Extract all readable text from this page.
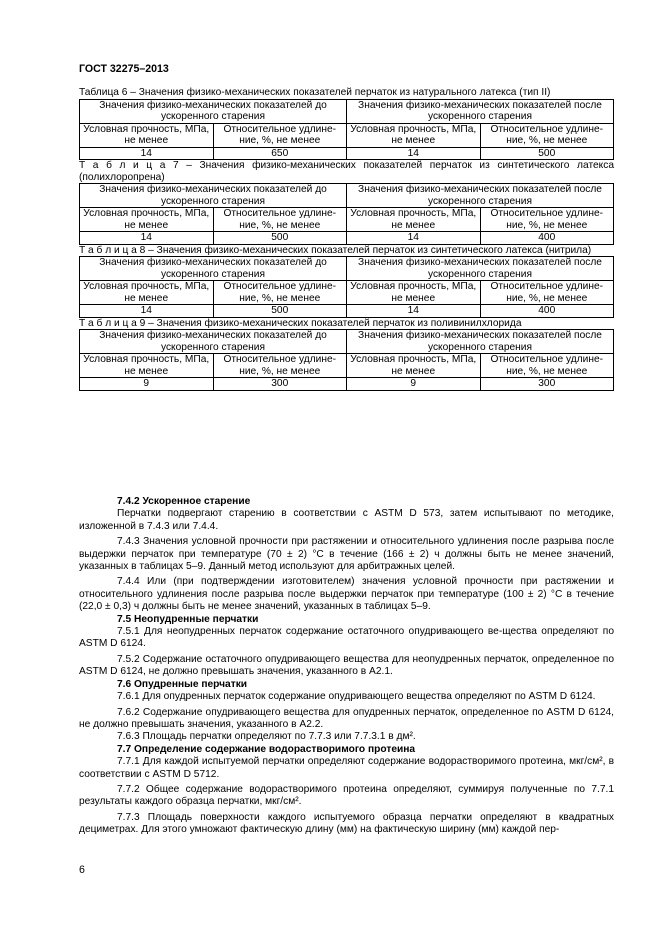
ГОСТ 32275–2013
Таблица 6 – Значения физико-механических показателей перчаток из натурального латекса (тип II)
Значения физико-механических показателей до ускоренного старения		Значения физико-механических показателей после ускоренного старения	
Условная прочность, МПа, не менее	Относительное удлине- ние, %, не менее	Условная прочность, МПа, не менее	Относительное удлине- ние, %, не менее
14	650	14	500
Т а б л и ц а 7 – Значения физико-механических показателей перчаток из синтетического латекса (полихлоропрена)
Значения физико-механических показателей до ускоренного старения		Значения физико-механических показателей после ускоренного старения	
Условная прочность, МПа, не менее	Относительное удлине- ние, %, не менее	Условная прочность, МПа, не менее	Относительное удлине- ние, %, не менее
14	500	14	400
Т а б л и ц а 8 – Значения физико-механических показателей перчаток из синтетического латекса (нитрила)
Значения физико-механических показателей до ускоренного старения		Значения физико-механических показателей после ускоренного старения	
Условная прочность, МПа, не менее	Относительное удлине- ние, %, не менее	Условная прочность, МПа, не менее	Относительное удлине- ние, %, не менее
14	500	14	400
Т а б л и ц а 9 – Значения физико-механических показателей перчаток из поливинилхлорида
Значения физико-механических показателей до ускоренного старения		Значения физико-механических показателей после ускоренного старения	
Условная прочность, МПа, не менее	Относительное удлине- ние, %, не менее	Условная прочность, МПа, не менее	Относительное удлине- ние, %, не менее
9	300	9	300

7.4.2 Ускоренное старение

Перчатки подвергают старению в соответствии с ASTM D 573, затем испытывают по методике, изложенной в 7.4.3 или 7.4.4.

7.4.3 Значения условной прочности при растяжении и относительного удлинения после разрыва после выдержки перчаток при температуре (70 ± 2) °С в течение (166 ± 2) ч должны быть не менее значений, указанных в таблицах 5–9. Данный метод используют для арбитражных целей.

7.4.4 Или (при подтверждении изготовителем) значения условной прочности при растяжении и относительного удлинения после разрыва после выдержки перчаток при температуре (100 ± 2) °С в течение (22,0 ± 0,3) ч должны быть не менее значений, указанных в таблицах 5–9.

7.5 Неопудренные перчатки

7.5.1 Для неопудренных перчаток содержание остаточного опудривающего ве-щества определяют по ASTM D 6124.

7.5.2 Содержание остаточного опудривающего вещества для неопудренных перчаток, определенное по ASTM D 6124, не должно превышать значения, указанного в А2.1.

7.6 Опудренные перчатки

7.6.1 Для опудренных перчаток содержание опудривающего вещества определяют по ASTM D 6124.

7.6.2 Содержание опудривающего вещества для опудренных перчаток, определенное по ASTM D 6124, не должно превышать значения, указанного в А2.2.

7.6.3 Площадь перчатки определяют по 7.7.3 или 7.7.3.1 в дм².

7.7 Определение содержание водорастворимого протеина

7.7.1 Для каждой испытуемой перчатки определяют содержание водорастворимого протеина, мкг/см², в соответствии с ASTM D 5712.

7.7.2 Общее содержание водорастворимого протеина определяют, суммируя полученные по 7.7.1 результаты каждого образца перчатки, мкг/см².

7.7.3 Площадь поверхности каждого испытуемого образца перчатки определяют в квадратных дециметрах. Для этого умножают фактическую длину (мм) на фактическую ширину (мм) каждой пер-

6
